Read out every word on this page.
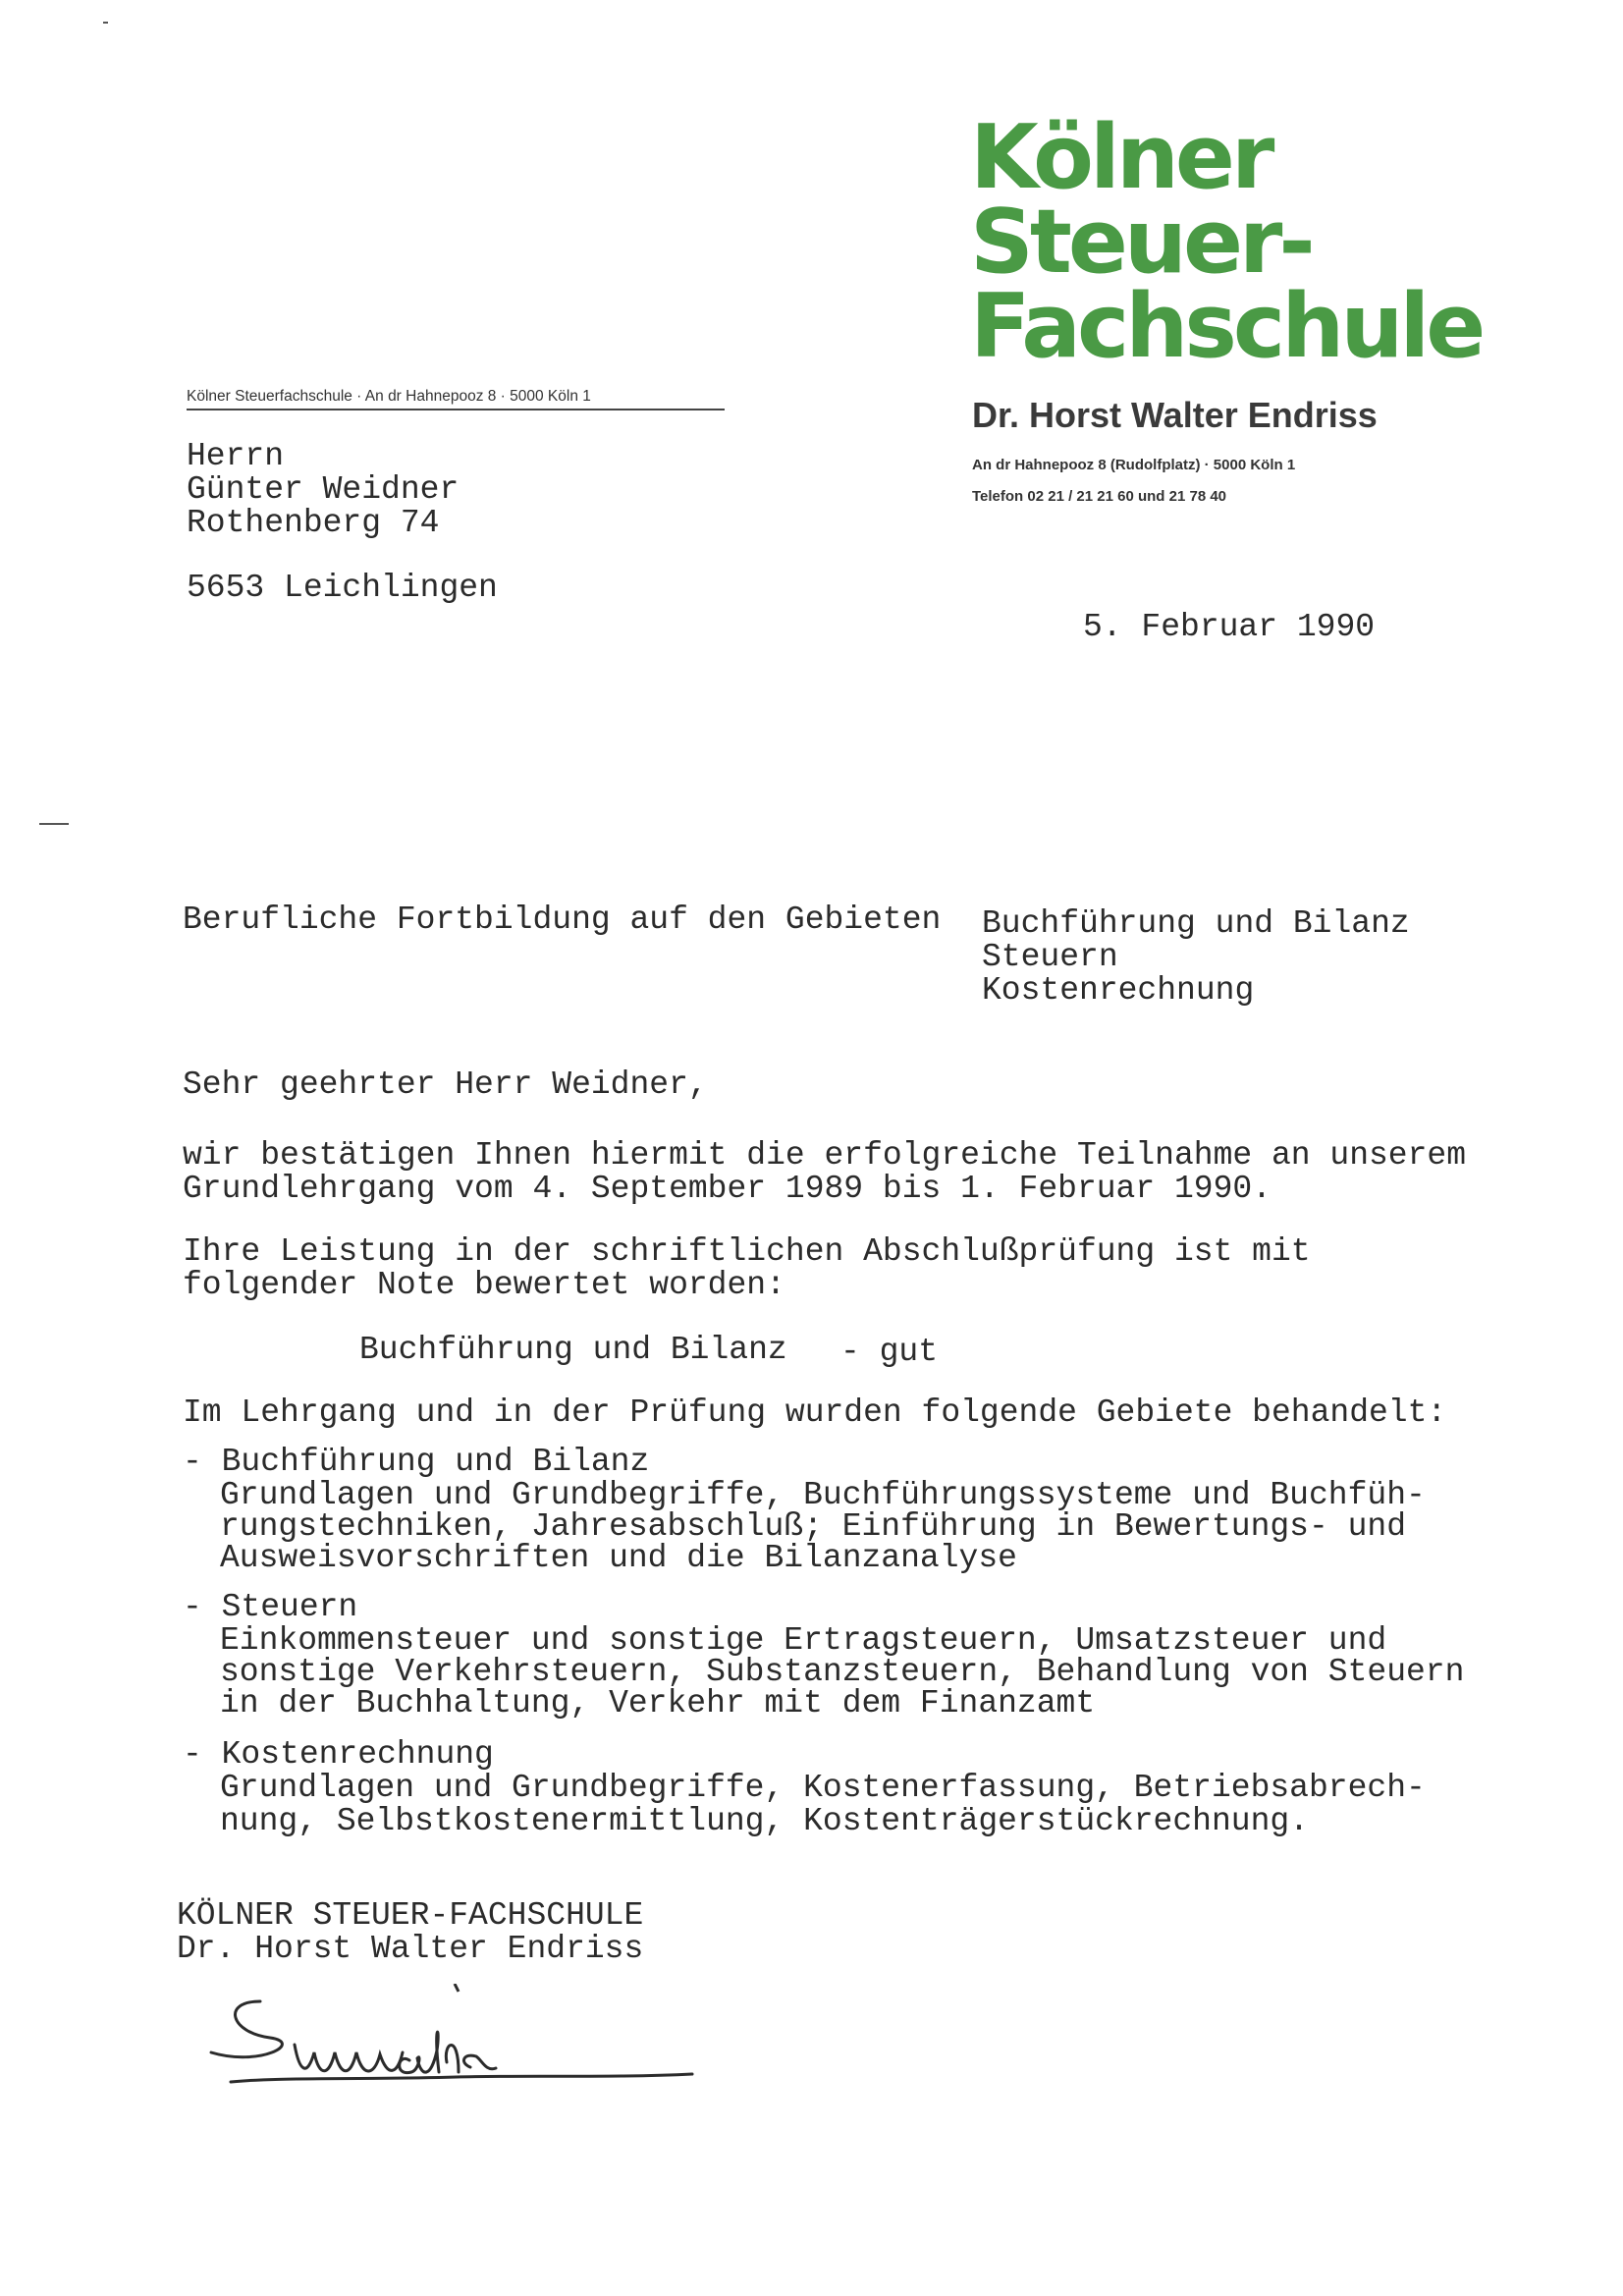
Kölner
Steuer-
Fachschule
Dr. Horst Walter Endriss
An dr Hahnepooz 8 (Rudolfplatz) · 5000 Köln 1
Telefon 02 21 / 21 21 60 und 21 78 40
Kölner Steuerfachschule · An dr Hahnepooz 8 · 5000 Köln 1
Herrn
Günter Weidner
Rothenberg 74
5653 Leichlingen
5. Februar 1990
Berufliche Fortbildung auf den Gebieten Buchführung und Bilanz
Steuern
Kostenrechnung
Sehr geehrter Herr Weidner,
wir bestätigen Ihnen hiermit die erfolgreiche Teilnahme an unserem
Grundlehrgang vom 4. September 1989 bis 1. Februar 1990.
Ihre Leistung in der schriftlichen Abschlußprüfung ist mit
folgender Note bewertet worden:
Buchführung und Bilanz - gut
Im Lehrgang und in der Prüfung wurden folgende Gebiete behandelt:
- Buchführung und Bilanz
Grundlagen und Grundbegriffe, Buchführungssysteme und Buchfüh-
rungstechniken, Jahresabschluß; Einführung in Bewertungs- und
Ausweisvorschriften und die Bilanzanalyse
- Steuern
Einkommensteuer und sonstige Ertragsteuern, Umsatzsteuer und
sonstige Verkehrsteuern, Substanzsteuern, Behandlung von Steuern
in der Buchhaltung, Verkehr mit dem Finanzamt
- Kostenrechnung
Grundlagen und Grundbegriffe, Kostenerfassung, Betriebsabrech-
nung, Selbstkostenermittlung, Kostenträgerstückrechnung.
KÖLNER STEUER-FACHSCHULE
Dr. Horst Walter Endriss
